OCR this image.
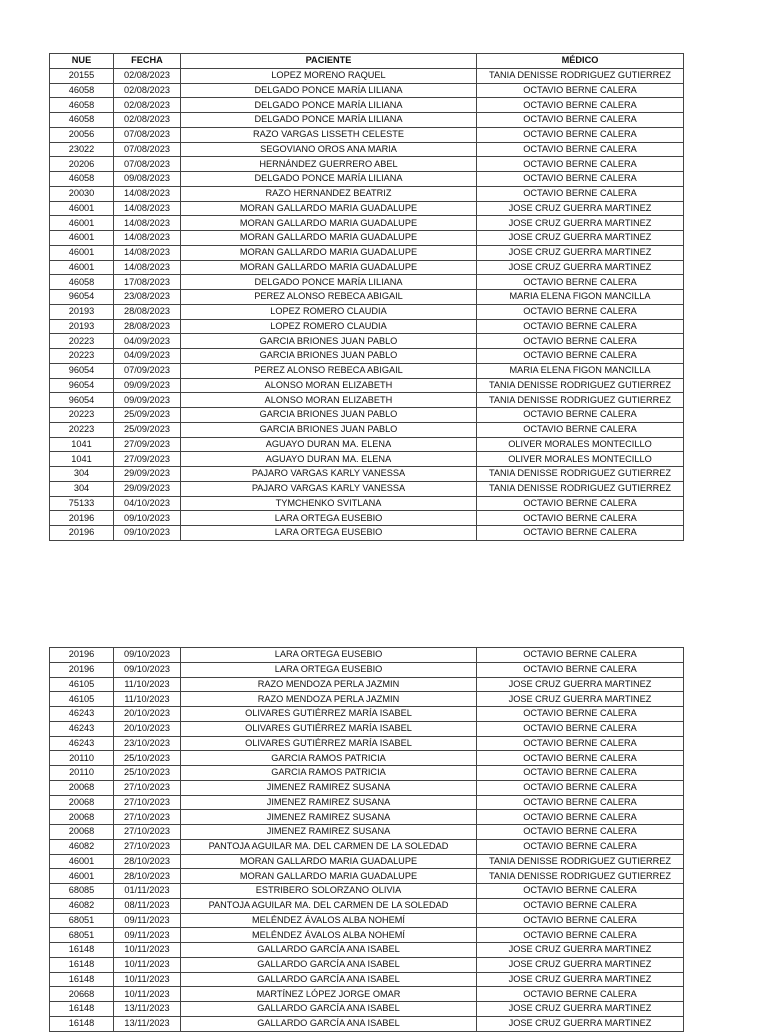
NUE	FECHA	PACIENTE	MÉDICO
20155	02/08/2023	LOPEZ MORENO RAQUEL	TANIA DENISSE RODRIGUEZ GUTIERREZ
46058	02/08/2023	DELGADO PONCE MARÍA LILIANA	OCTAVIO BERNE CALERA
46058	02/08/2023	DELGADO PONCE MARÍA LILIANA	OCTAVIO BERNE CALERA
46058	02/08/2023	DELGADO PONCE MARÍA LILIANA	OCTAVIO BERNE CALERA
20056	07/08/2023	RAZO VARGAS LISSETH CELESTE	OCTAVIO BERNE CALERA
23022	07/08/2023	SEGOVIANO OROS ANA MARIA	OCTAVIO BERNE CALERA
20206	07/08/2023	HERNÁNDEZ GUERRERO ABEL	OCTAVIO BERNE CALERA
46058	09/08/2023	DELGADO PONCE MARÍA LILIANA	OCTAVIO BERNE CALERA
20030	14/08/2023	RAZO HERNANDEZ BEATRIZ	OCTAVIO BERNE CALERA
46001	14/08/2023	MORAN GALLARDO MARIA GUADALUPE	JOSE CRUZ GUERRA MARTINEZ
46001	14/08/2023	MORAN GALLARDO MARIA GUADALUPE	JOSE CRUZ GUERRA MARTINEZ
46001	14/08/2023	MORAN GALLARDO MARIA GUADALUPE	JOSE CRUZ GUERRA MARTINEZ
46001	14/08/2023	MORAN GALLARDO MARIA GUADALUPE	JOSE CRUZ GUERRA MARTINEZ
46001	14/08/2023	MORAN GALLARDO MARIA GUADALUPE	JOSE CRUZ GUERRA MARTINEZ
46058	17/08/2023	DELGADO PONCE MARÍA LILIANA	OCTAVIO BERNE CALERA
96054	23/08/2023	PEREZ ALONSO REBECA ABIGAIL	MARIA ELENA FIGON MANCILLA
20193	28/08/2023	LOPEZ ROMERO CLAUDIA	OCTAVIO BERNE CALERA
20193	28/08/2023	LOPEZ ROMERO CLAUDIA	OCTAVIO BERNE CALERA
20223	04/09/2023	GARCIA BRIONES JUAN PABLO	OCTAVIO BERNE CALERA
20223	04/09/2023	GARCIA BRIONES JUAN PABLO	OCTAVIO BERNE CALERA
96054	07/09/2023	PEREZ ALONSO REBECA ABIGAIL	MARIA ELENA FIGON MANCILLA
96054	09/09/2023	ALONSO MORAN ELIZABETH	TANIA DENISSE RODRIGUEZ GUTIERREZ
96054	09/09/2023	ALONSO MORAN ELIZABETH	TANIA DENISSE RODRIGUEZ GUTIERREZ
20223	25/09/2023	GARCIA BRIONES JUAN PABLO	OCTAVIO BERNE CALERA
20223	25/09/2023	GARCIA BRIONES JUAN PABLO	OCTAVIO BERNE CALERA
1041	27/09/2023	AGUAYO DURAN MA. ELENA	OLIVER MORALES MONTECILLO
1041	27/09/2023	AGUAYO DURAN MA. ELENA	OLIVER MORALES MONTECILLO
304	29/09/2023	PAJARO VARGAS KARLY VANESSA	TANIA DENISSE RODRIGUEZ GUTIERREZ
304	29/09/2023	PAJARO VARGAS KARLY VANESSA	TANIA DENISSE RODRIGUEZ GUTIERREZ
75133	04/10/2023	TYMCHENKO SVITLANA	OCTAVIO BERNE CALERA
20196	09/10/2023	LARA ORTEGA EUSEBIO	OCTAVIO BERNE CALERA
20196	09/10/2023	LARA ORTEGA EUSEBIO	OCTAVIO BERNE CALERA
20196	09/10/2023	LARA ORTEGA EUSEBIO	OCTAVIO BERNE CALERA
20196	09/10/2023	LARA ORTEGA EUSEBIO	OCTAVIO BERNE CALERA
46105	11/10/2023	RAZO MENDOZA PERLA JAZMIN	JOSE CRUZ GUERRA MARTINEZ
46105	11/10/2023	RAZO MENDOZA PERLA JAZMIN	JOSE CRUZ GUERRA MARTINEZ
46243	20/10/2023	OLIVARES GUTIÉRREZ MARÍA ISABEL	OCTAVIO BERNE CALERA
46243	20/10/2023	OLIVARES GUTIÉRREZ MARÍA ISABEL	OCTAVIO BERNE CALERA
46243	23/10/2023	OLIVARES GUTIÉRREZ MARÍA ISABEL	OCTAVIO BERNE CALERA
20110	25/10/2023	GARCIA RAMOS PATRICIA	OCTAVIO BERNE CALERA
20110	25/10/2023	GARCIA RAMOS PATRICIA	OCTAVIO BERNE CALERA
20068	27/10/2023	JIMENEZ RAMIREZ SUSANA	OCTAVIO BERNE CALERA
20068	27/10/2023	JIMENEZ RAMIREZ SUSANA	OCTAVIO BERNE CALERA
20068	27/10/2023	JIMENEZ RAMIREZ SUSANA	OCTAVIO BERNE CALERA
20068	27/10/2023	JIMENEZ RAMIREZ SUSANA	OCTAVIO BERNE CALERA
46082	27/10/2023	PANTOJA AGUILAR MA. DEL CARMEN DE LA SOLEDAD	OCTAVIO BERNE CALERA
46001	28/10/2023	MORAN GALLARDO MARIA GUADALUPE	TANIA DENISSE RODRIGUEZ GUTIERREZ
46001	28/10/2023	MORAN GALLARDO MARIA GUADALUPE	TANIA DENISSE RODRIGUEZ GUTIERREZ
68085	01/11/2023	ESTRIBERO SOLORZANO OLIVIA	OCTAVIO BERNE CALERA
46082	08/11/2023	PANTOJA AGUILAR MA. DEL CARMEN DE LA SOLEDAD	OCTAVIO BERNE CALERA
68051	09/11/2023	MELÉNDEZ ÁVALOS ALBA NOHEMÍ	OCTAVIO BERNE CALERA
68051	09/11/2023	MELÉNDEZ ÁVALOS ALBA NOHEMÍ	OCTAVIO BERNE CALERA
16148	10/11/2023	GALLARDO GARCÍA ANA ISABEL	JOSE CRUZ GUERRA MARTINEZ
16148	10/11/2023	GALLARDO GARCÍA ANA ISABEL	JOSE CRUZ GUERRA MARTINEZ
16148	10/11/2023	GALLARDO GARCÍA ANA ISABEL	JOSE CRUZ GUERRA MARTINEZ
20668	10/11/2023	MARTÍNEZ LÓPEZ JORGE OMAR	OCTAVIO BERNE CALERA
16148	13/11/2023	GALLARDO GARCÍA ANA ISABEL	JOSE CRUZ GUERRA MARTINEZ
16148	13/11/2023	GALLARDO GARCÍA ANA ISABEL	JOSE CRUZ GUERRA MARTINEZ
